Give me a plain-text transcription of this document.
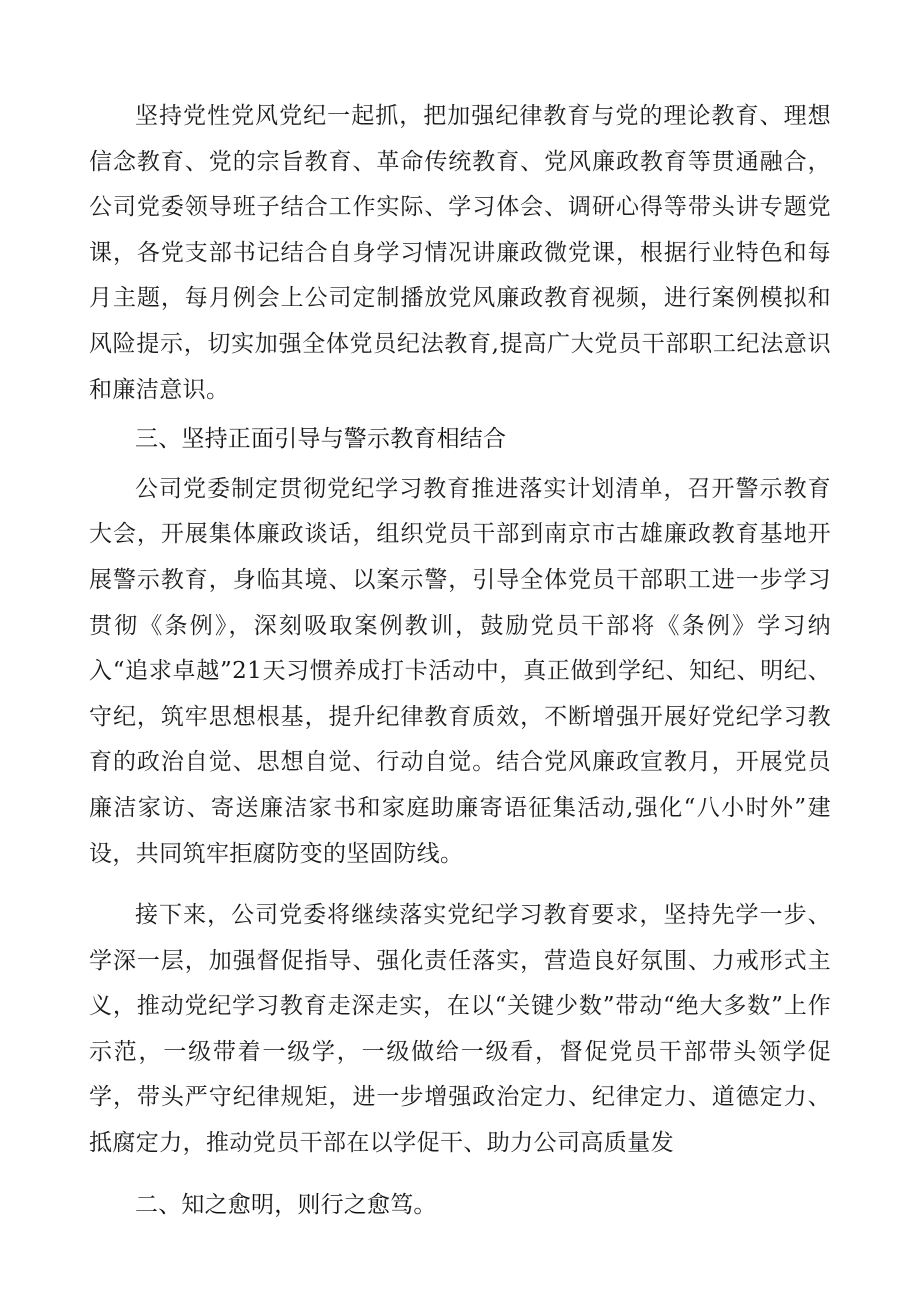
坚持党性党风党纪一起抓，把加强纪律教育与党的理论教育、理想信念教育、党的宗旨教育、革命传统教育、党风廉政教育等贯通融合，公司党委领导班子结合工作实际、学习体会、调研心得等带头讲专题党课，各党支部书记结合自身学习情况讲廉政微党课，根据行业特色和每月主题，每月例会上公司定制播放党风廉政教育视频，进行案例模拟和风险提示，切实加强全体党员纪法教育,提高广大党员干部职工纪法意识和廉洁意识。

三、坚持正面引导与警示教育相结合

公司党委制定贯彻党纪学习教育推进落实计划清单，召开警示教育大会，开展集体廉政谈话，组织党员干部到南京市古雄廉政教育基地开展警示教育，身临其境、以案示警，引导全体党员干部职工进一步学习贯彻《条例》，深刻吸取案例教训，鼓励党员干部将《条例》学习纳入“追求卓越”21天习惯养成打卡活动中，真正做到学纪、知纪、明纪、守纪，筑牢思想根基，提升纪律教育质效，不断增强开展好党纪学习教育的政治自觉、思想自觉、行动自觉。结合党风廉政宣教月，开展党员廉洁家访、寄送廉洁家书和家庭助廉寄语征集活动,强化“八小时外”建设，共同筑牢拒腐防变的坚固防线。

接下来，公司党委将继续落实党纪学习教育要求，坚持先学一步、学深一层，加强督促指导、强化责任落实，营造良好氛围、力戒形式主义，推动党纪学习教育走深走实，在以“关键少数”带动“绝大多数”上作示范，一级带着一级学，一级做给一级看，督促党员干部带头领学促学，带头严守纪律规矩，进一步增强政治定力、纪律定力、道德定力、抵腐定力，推动党员干部在以学促干、助力公司高质量发

二、知之愈明，则行之愈笃。
